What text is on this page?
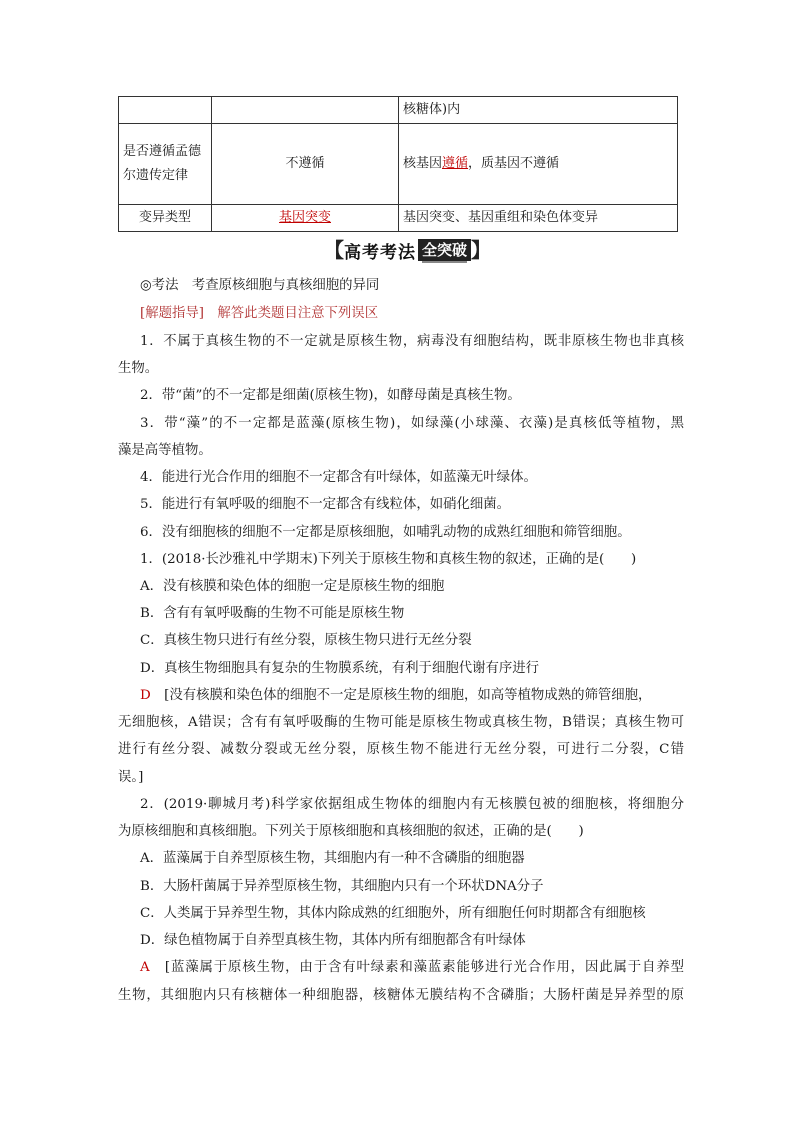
		核糖体)内
是否遵循孟德尔遗传定律	不遵循	核基因遵循，质基因不遵循
变异类型	基因突变	基因突变、基因重组和染色体变异
【 高考考法 全突破 】
◎考法　考查原核细胞与真核细胞的异同
[解题指导]　解答此类题目注意下列误区
1．不属于真核生物的不一定就是原核生物，病毒没有细胞结构，既非原核生物也非真核
生物。
2．带“菌”的不一定都是细菌(原核生物)，如酵母菌是真核生物。
3．带“藻”的不一定都是蓝藻(原核生物)，如绿藻(小球藻、衣藻)是真核低等植物，黑
藻是高等植物。
4．能进行光合作用的细胞不一定都含有叶绿体，如蓝藻无叶绿体。
5．能进行有氧呼吸的细胞不一定都含有线粒体，如硝化细菌。
6．没有细胞核的细胞不一定都是原核细胞，如哺乳动物的成熟红细胞和筛管细胞。
1．(2018·长沙雅礼中学期末)下列关于原核生物和真核生物的叙述，正确的是(　　)
A．没有核膜和染色体的细胞一定是原核生物的细胞
B．含有有氧呼吸酶的生物不可能是原核生物
C．真核生物只进行有丝分裂，原核生物只进行无丝分裂
D．真核生物细胞具有复杂的生物膜系统，有利于细胞代谢有序进行
D　[没有核膜和染色体的细胞不一定是原核生物的细胞，如高等植物成熟的筛管细胞，
无细胞核，A错误；含有有氧呼吸酶的生物可能是原核生物或真核生物，B错误；真核生物可
进行有丝分裂、减数分裂或无丝分裂，原核生物不能进行无丝分裂，可进行二分裂，C错
误。]
2．(2019·聊城月考)科学家依据组成生物体的细胞内有无核膜包被的细胞核，将细胞分
为原核细胞和真核细胞。下列关于原核细胞和真核细胞的叙述，正确的是(　　)
A．蓝藻属于自养型原核生物，其细胞内有一种不含磷脂的细胞器
B．大肠杆菌属于异养型原核生物，其细胞内只有一个环状DNA分子
C．人类属于异养型生物，其体内除成熟的红细胞外，所有细胞任何时期都含有细胞核
D．绿色植物属于自养型真核生物，其体内所有细胞都含有叶绿体
A　[蓝藻属于原核生物，由于含有叶绿素和藻蓝素能够进行光合作用，因此属于自养型
生物，其细胞内只有核糖体一种细胞器，核糖体无膜结构不含磷脂；大肠杆菌是异养型的原
